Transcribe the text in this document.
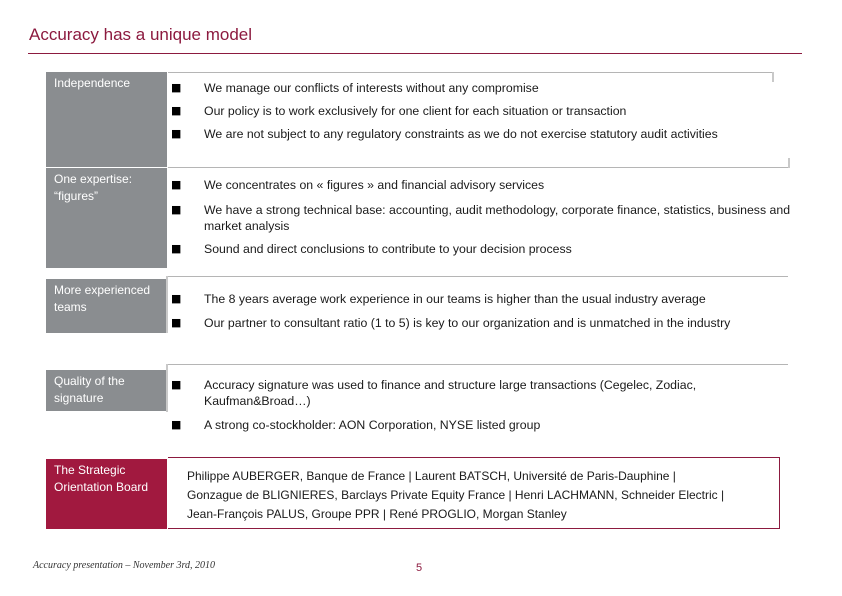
Accuracy has a unique model
Independence	■ We manage our conflicts of interests without any compromise
■ Our policy is to work exclusively for one client for each situation or transaction
■ We are not subject to any regulatory constraints as we do not exercise statutory audit activities
One expertise: “figures”
■ We concentrates on « figures » and financial advisory services
■ We have a strong technical base: accounting, audit methodology, corporate finance, statistics, business and market analysis
■ Sound and direct conclusions to contribute to your decision process
More experienced teams
■ The 8 years average work experience in our teams is higher than the usual industry average
■ Our partner to consultant ratio (1 to 5) is key to our organization and is unmatched in the industry
Quality of the signature
■ Accuracy signature was used to finance and structure large transactions (Cegelec, Zodiac, Kaufman&Broad…)
■ A strong co-stockholder: AON Corporation, NYSE listed group
The Strategic Orientation Board
Philippe AUBERGER, Banque de France | Laurent BATSCH, Université de Paris-Dauphine |
Gonzague de BLIGNIERES, Barclays Private Equity France | Henri LACHMANN, Schneider Electric |
Jean-François PALUS, Groupe PPR | René PROGLIO, Morgan Stanley
Accuracy presentation – November 3rd, 2010	5
